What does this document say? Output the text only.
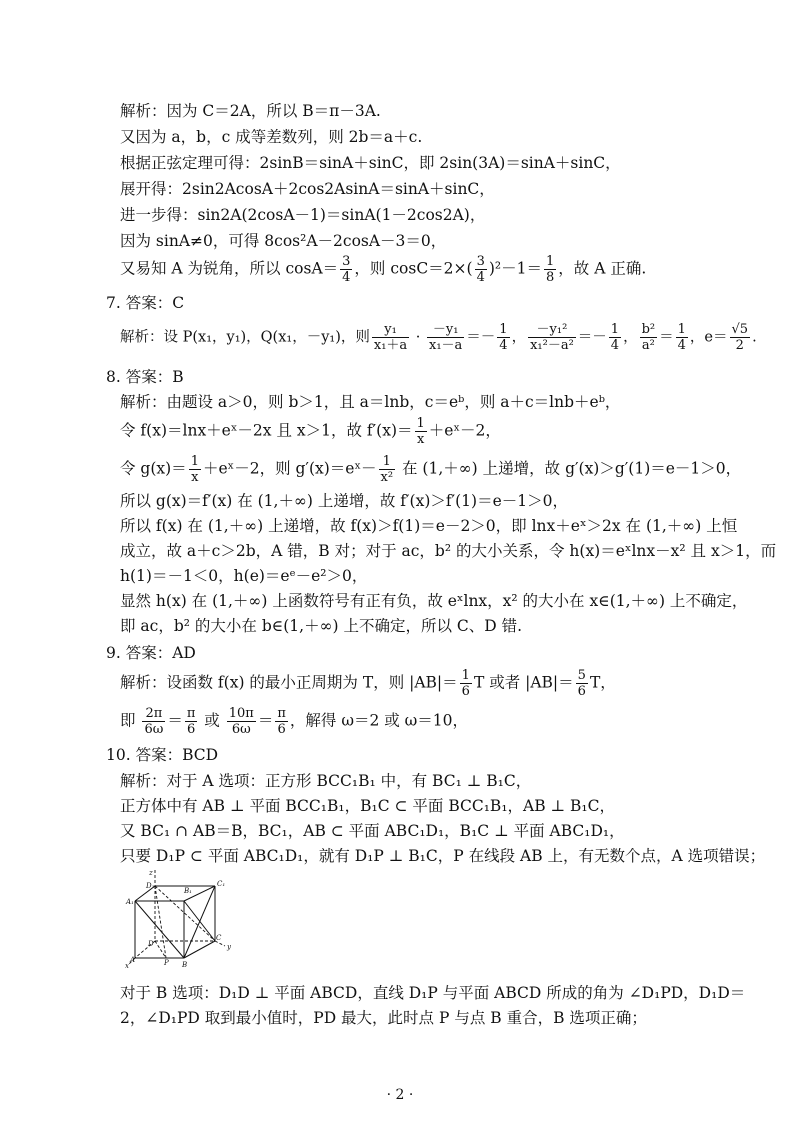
解析：因为 C＝2A，所以 B＝π－3A.
又因为 a，b，c 成等差数列，则 2b＝a＋c.
根据正弦定理可得：2sinB＝sinA＋sinC，即 2sin(3A)＝sinA＋sinC，
展开得：2sin2AcosA＋2cos2AsinA＝sinA＋sinC，
进一步得：sin2A(2cosA－1)＝sinA(1－2cos2A)，
因为 sinA≠0，可得 8cos²A－2cosA－3＝0，
又易知 A 为锐角，所以 $\cos A= \frac{3}{4}$ ，则 $\cos C=2\times( \frac{3}{4} )^2-1= \frac{1}{8}$ ，故 A 正确.
7. 答案：C
解析：设 P(x₁，y₁)，Q(x₁，－y₁)，则 $\frac{\text{y₁}}{\text{x₁＋a}} \cdot \frac{\text{－y₁}}{\text{x₁－a}} =- \frac{1}{4}$ ， $\frac{\text{－y₁²}}{\text{x₁²－a²}} =- \frac{1}{4}$ ， $\frac{\text{b²}}{\text{a²}} = \frac{1}{4}$ ，$e= \frac{√5}{2}$ .
8. 答案：B
解析：由题设 a＞0，则 b＞1，且 a＝lnb，c＝eᵇ，则 a＋c＝lnb＋eᵇ，
令 f(x)＝lnx＋eˣ－2x 且 x＞1，故 $f'(x)= \frac{1}{x}$ ＋eˣ－2，
令 $g(x)= \frac{1}{x}$ ＋eˣ－2，则 g′(x)＝eˣ－ $\frac{1}{\text{x²}}$ 在 (1,＋∞) 上递增，故 g′(x)＞g′(1)＝e－1＞0，
所以 g(x)＝f′(x) 在 (1,＋∞) 上递增，故 f′(x)＞f′(1)＝e－1＞0，
所以 f(x) 在 (1,＋∞) 上递增，故 f(x)＞f(1)＝e－2＞0，即 lnx＋eˣ＞2x 在 (1,＋∞) 上恒
成立，故 a＋c＞2b，A 错，B 对；对于 ac，b² 的大小关系，令 h(x)＝eˣlnx－x² 且 x＞1，而
h(1)＝－1＜0，h(e)＝eᵉ－e²＞0，
显然 h(x) 在 (1,＋∞) 上函数符号有正有负，故 eˣlnx，x² 的大小在 x∈(1,＋∞) 上不确定，
即 ac，b² 的大小在 b∈(1,＋∞) 上不确定，所以 C、D 错.
9. 答案：AD
解析：设函数 f(x) 的最小正周期为 T，则 $|AB|= \frac{1}{6}$ T 或者 $|AB|= \frac{5}{6}$ T，
即 $\frac{2\pi}{6\omega} = \frac{\pi}{6}$ 或 $\frac{10\pi}{6\omega} = \frac{\pi}{6}$ ，解得 ω＝2 或 ω＝10，
10. 答案：BCD
解析：对于 A 选项：正方形 BCC₁B₁ 中，有 BC₁ ⊥ B₁C，
正方体中有 AB ⊥ 平面 BCC₁B₁，B₁C ⊂ 平面 BCC₁B₁，AB ⊥ B₁C，
又 BC₁ ∩ AB＝B，BC₁，AB ⊂ 平面 ABC₁D₁，B₁C ⊥ 平面 ABC₁D₁，
只要 D₁P ⊂ 平面 ABC₁D₁，就有 D₁P ⊥ B₁C，P 在线段 AB 上，有无数个点，A 选项错误；
z
D₁
B₁
C₁
A₁
D
C
y
x
A	P B
对于 B 选项：D₁D ⊥ 平面 ABCD，直线 D₁P 与平面 ABCD 所成的角为 ∠D₁PD，D₁D＝
2，∠D₁PD 取到最小值时，PD 最大，此时点 P 与点 B 重合，B 选项正确；
· 2 ·
